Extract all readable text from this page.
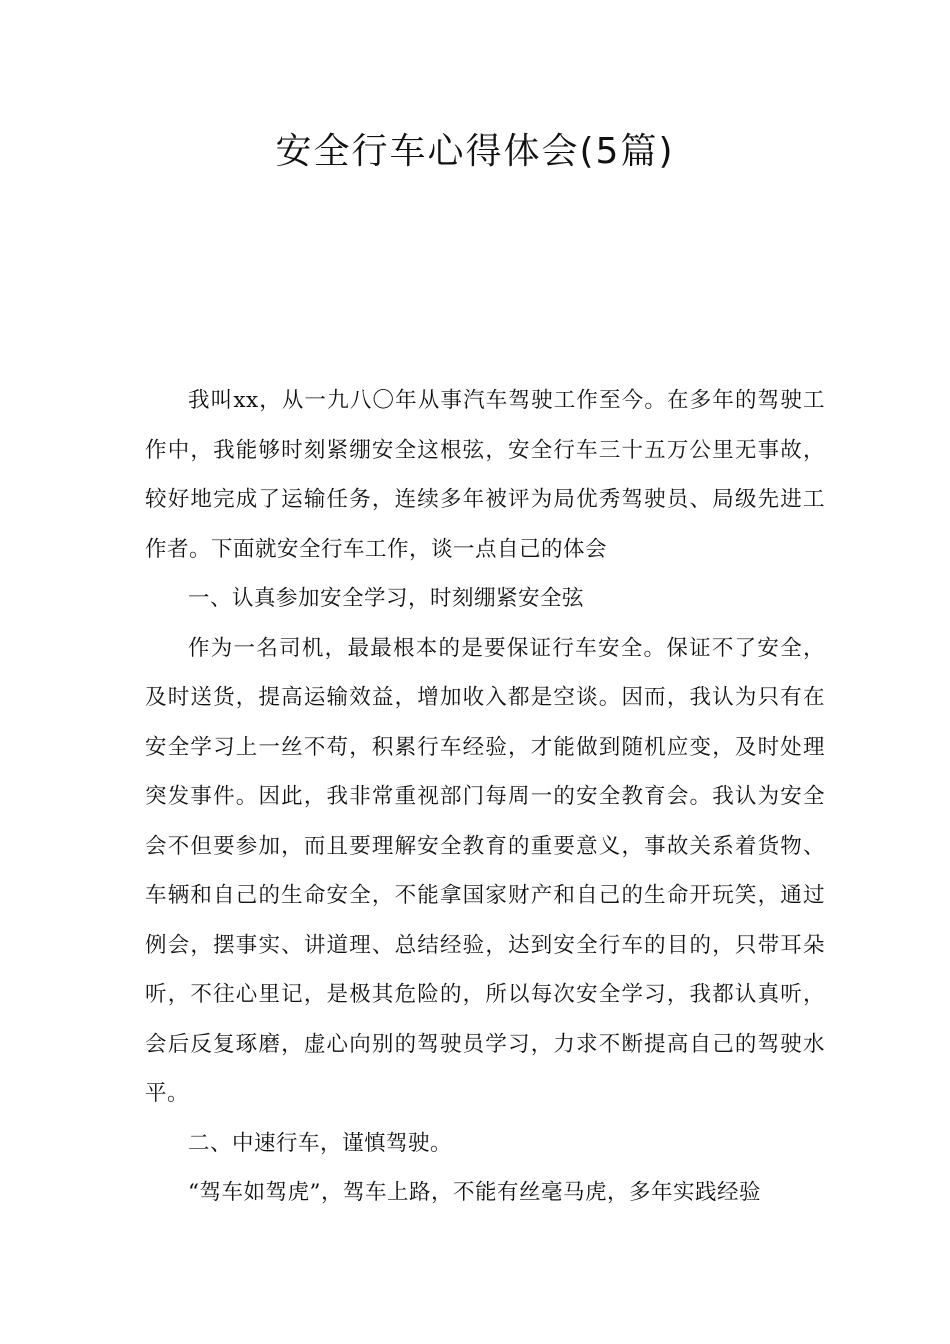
安全行车心得体会(5篇)

我叫xx，从一九八〇年从事汽车驾驶工作至今。在多年的驾驶工作中，我能够时刻紧绷安全这根弦，安全行车三十五万公里无事故，较好地完成了运输任务，连续多年被评为局优秀驾驶员、局级先进工作者。下面就安全行车工作，谈一点自己的体会

一、认真参加安全学习，时刻绷紧安全弦

作为一名司机，最最根本的是要保证行车安全。保证不了安全，及时送货，提高运输效益，增加收入都是空谈。因而，我认为只有在安全学习上一丝不苟，积累行车经验，才能做到随机应变，及时处理突发事件。因此，我非常重视部门每周一的安全教育会。我认为安全会不但要参加，而且要理解安全教育的重要意义，事故关系着货物、车辆和自己的生命安全，不能拿国家财产和自己的生命开玩笑，通过例会，摆事实、讲道理、总结经验，达到安全行车的目的，只带耳朵听，不往心里记，是极其危险的，所以每次安全学习，我都认真听，会后反复琢磨，虚心向别的驾驶员学习，力求不断提高自己的驾驶水平。

二、中速行车，谨慎驾驶。

“驾车如驾虎”，驾车上路，不能有丝毫马虎，多年实践经验
